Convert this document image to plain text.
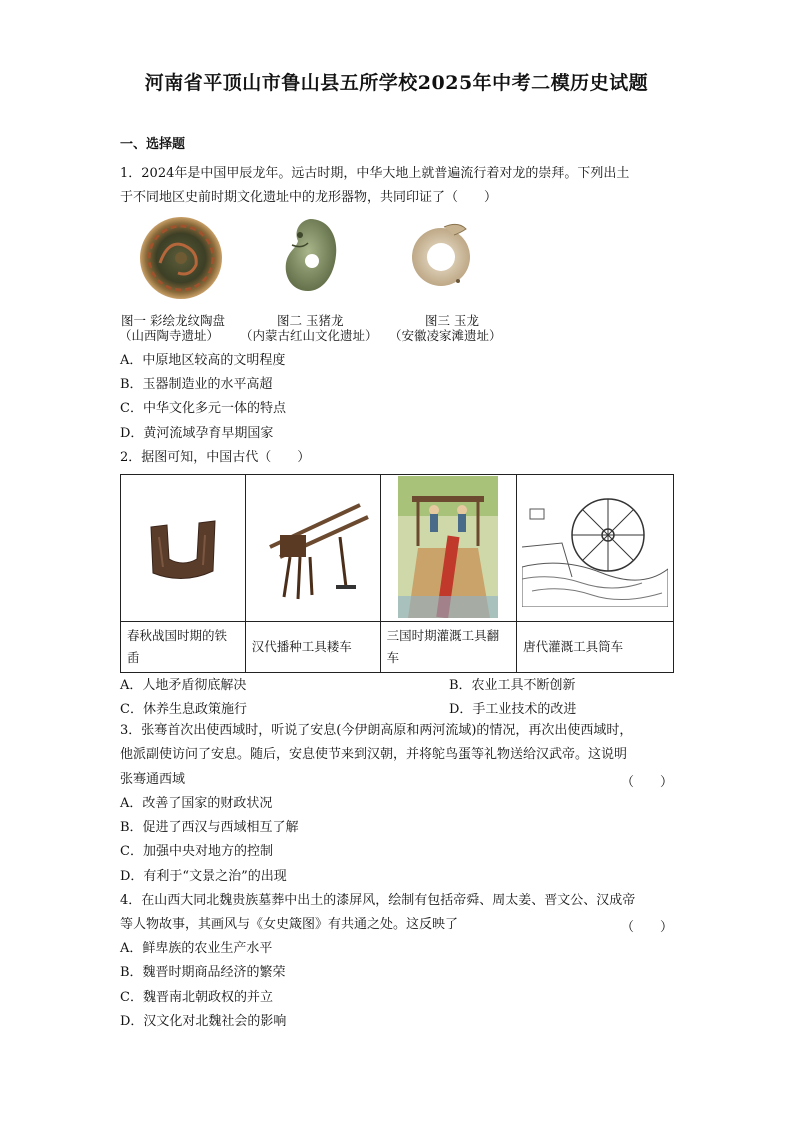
河南省平顶山市鲁山县五所学校2025年中考二模历史试题
一、选择题
1．2024年是中国甲辰龙年。远古时期，中华大地上就普遍流行着对龙的崇拜。下列出土
于不同地区史前时期文化遗址中的龙形器物，共同印证了（　　）
图一 彩绘龙纹陶盘
（山西陶寺遗址）
图二 玉猪龙
（内蒙古红山文化遗址）
图三 玉龙
（安徽凌家滩遗址）
A．中原地区较高的文明程度
B．玉器制造业的水平高超
C．中华文化多元一体的特点
D．黄河流域孕育早期国家
2．据图可知，中国古代（　　）

春秋战国时期的铁臿	汉代播种工具耧车	三国时期灌溉工具翻车	唐代灌溉工具筒车
A．人地矛盾彻底解决	B．农业工具不断创新
C．休养生息政策施行	D．手工业技术的改进
3．张骞首次出使西域时，听说了安息(今伊朗高原和两河流域)的情况，再次出使西域时，
他派副使访问了安息。随后，安息使节来到汉朝，并将鸵鸟蛋等礼物送给汉武帝。这说明
张骞通西域	（　　）
A．改善了国家的财政状况
B．促进了西汉与西域相互了解
C．加强中央对地方的控制
D．有利于“文景之治”的出现
4．在山西大同北魏贵族墓葬中出土的漆屏风，绘制有包括帝舜、周太姜、晋文公、汉成帝
等人物故事，其画风与《女史箴图》有共通之处。这反映了	（　　）
A．鲜卑族的农业生产水平
B．魏晋时期商品经济的繁荣
C．魏晋南北朝政权的并立
D．汉文化对北魏社会的影响
